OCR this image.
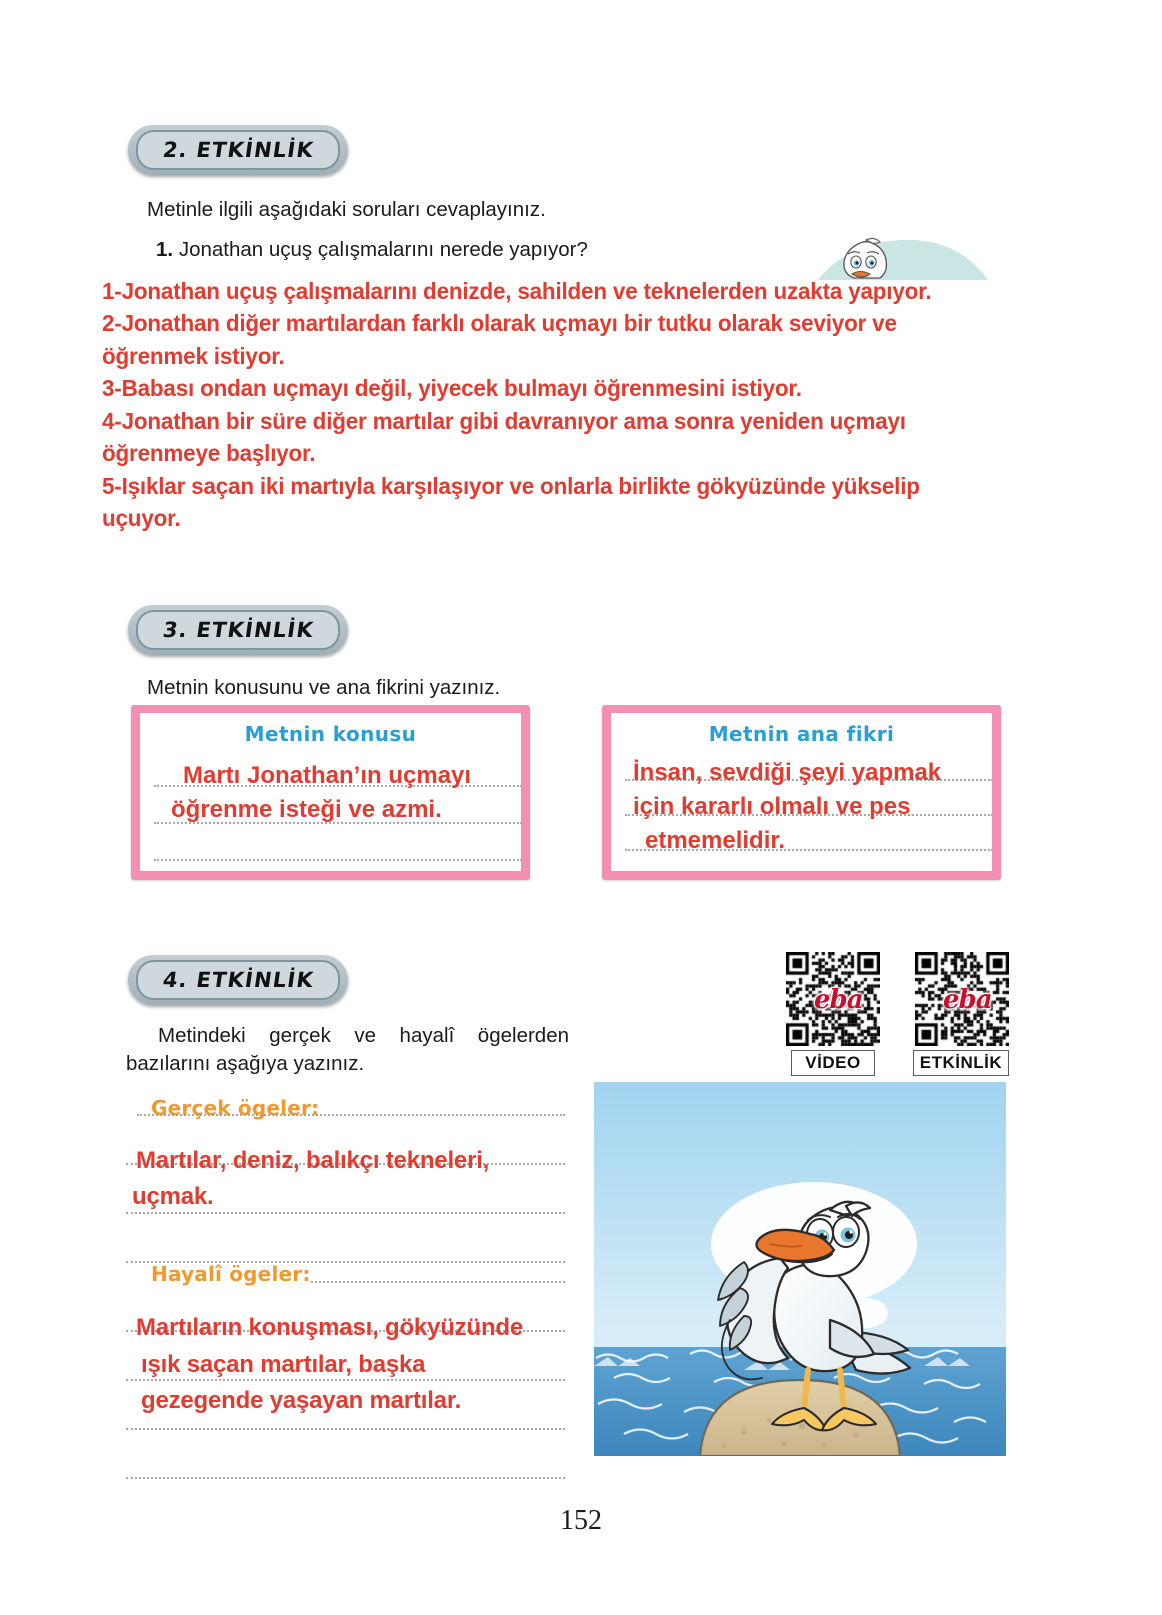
2. ETKİNLİK
Metinle ilgili aşağıdaki soruları cevaplayınız.
1. Jonathan uçuş çalışmalarını nerede yapıyor?
1-Jonathan uçuş çalışmalarını denizde, sahilden ve teknelerden uzakta yapıyor.
2-Jonathan diğer martılardan farklı olarak uçmayı bir tutku olarak seviyor ve
öğrenmek istiyor.
3-Babası ondan uçmayı değil, yiyecek bulmayı öğrenmesini istiyor.
4-Jonathan bir süre diğer martılar gibi davranıyor ama sonra yeniden uçmayı
öğrenmeye başlıyor.
5-Işıklar saçan iki martıyla karşılaşıyor ve onlarla birlikte gökyüzünde yükselip
uçuyor.
3. ETKİNLİK
Metnin konusunu ve ana fikrini yazınız.
Metnin konusu
Martı Jonathan’ın uçmayı
öğrenme isteği ve azmi.
Metnin ana fikri
İnsan, sevdiği şeyi yapmak
için kararlı olmalı ve pes
etmemelidir.
4. ETKİNLİK
Metindeki gerçek ve hayalî ögelerden bazılarını aşağıya yazınız.
eba
VİDEO
eba
ETKİNLİK
Gerçek ögeler:
Martılar, deniz, balıkçı tekneleri,
uçmak.
Hayalî ögeler:
Martıların konuşması, gökyüzünde
ışık saçan martılar, başka
gezegende yaşayan martılar.
152
